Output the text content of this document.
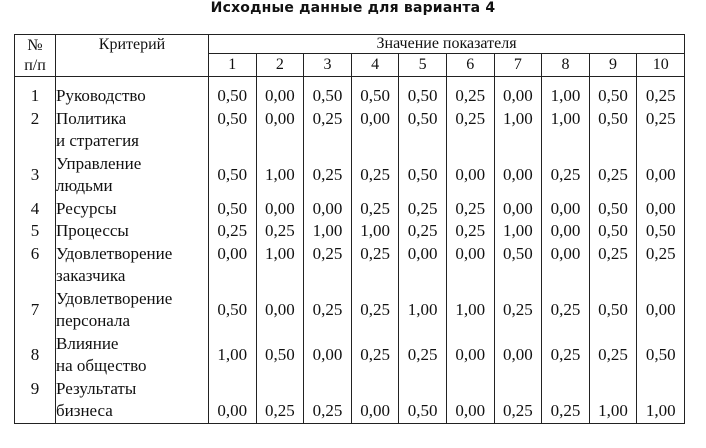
Исходные данные для варианта 4
№
п/п	Критерий	Значение показателя									
		1	2	3	4	5	6	7	8	9	10
1	Руководство	0,50	0,00	0,50	0,50	0,50	0,25	0,00	1,00	0,50	0,25
2	Политика
и стратегия	0,50	0,00	0,25	0,00	0,50	0,25	1,00	1,00	0,50	0,25
3	Управление
людьми	0,50	1,00	0,25	0,25	0,50	0,00	0,00	0,25	0,25	0,00
4	Ресурсы	0,50	0,00	0,00	0,25	0,25	0,25	0,00	0,00	0,50	0,00
5	Процессы	0,25	0,25	1,00	1,00	0,25	0,25	1,00	0,00	0,50	0,50
6	Удовлетворение
заказчика	0,00	1,00	0,25	0,25	0,00	0,00	0,50	0,00	0,25	0,25
7	Удовлетворение
персонала	0,50	0,00	0,25	0,25	1,00	1,00	0,25	0,25	0,50	0,00
8	Влияние
на общество	1,00	0,50	0,00	0,25	0,25	0,00	0,00	0,25	0,25	0,50
9	Результаты
бизнеса	0,00	0,25	0,25	0,00	0,50	0,00	0,25	0,25	1,00	1,00
